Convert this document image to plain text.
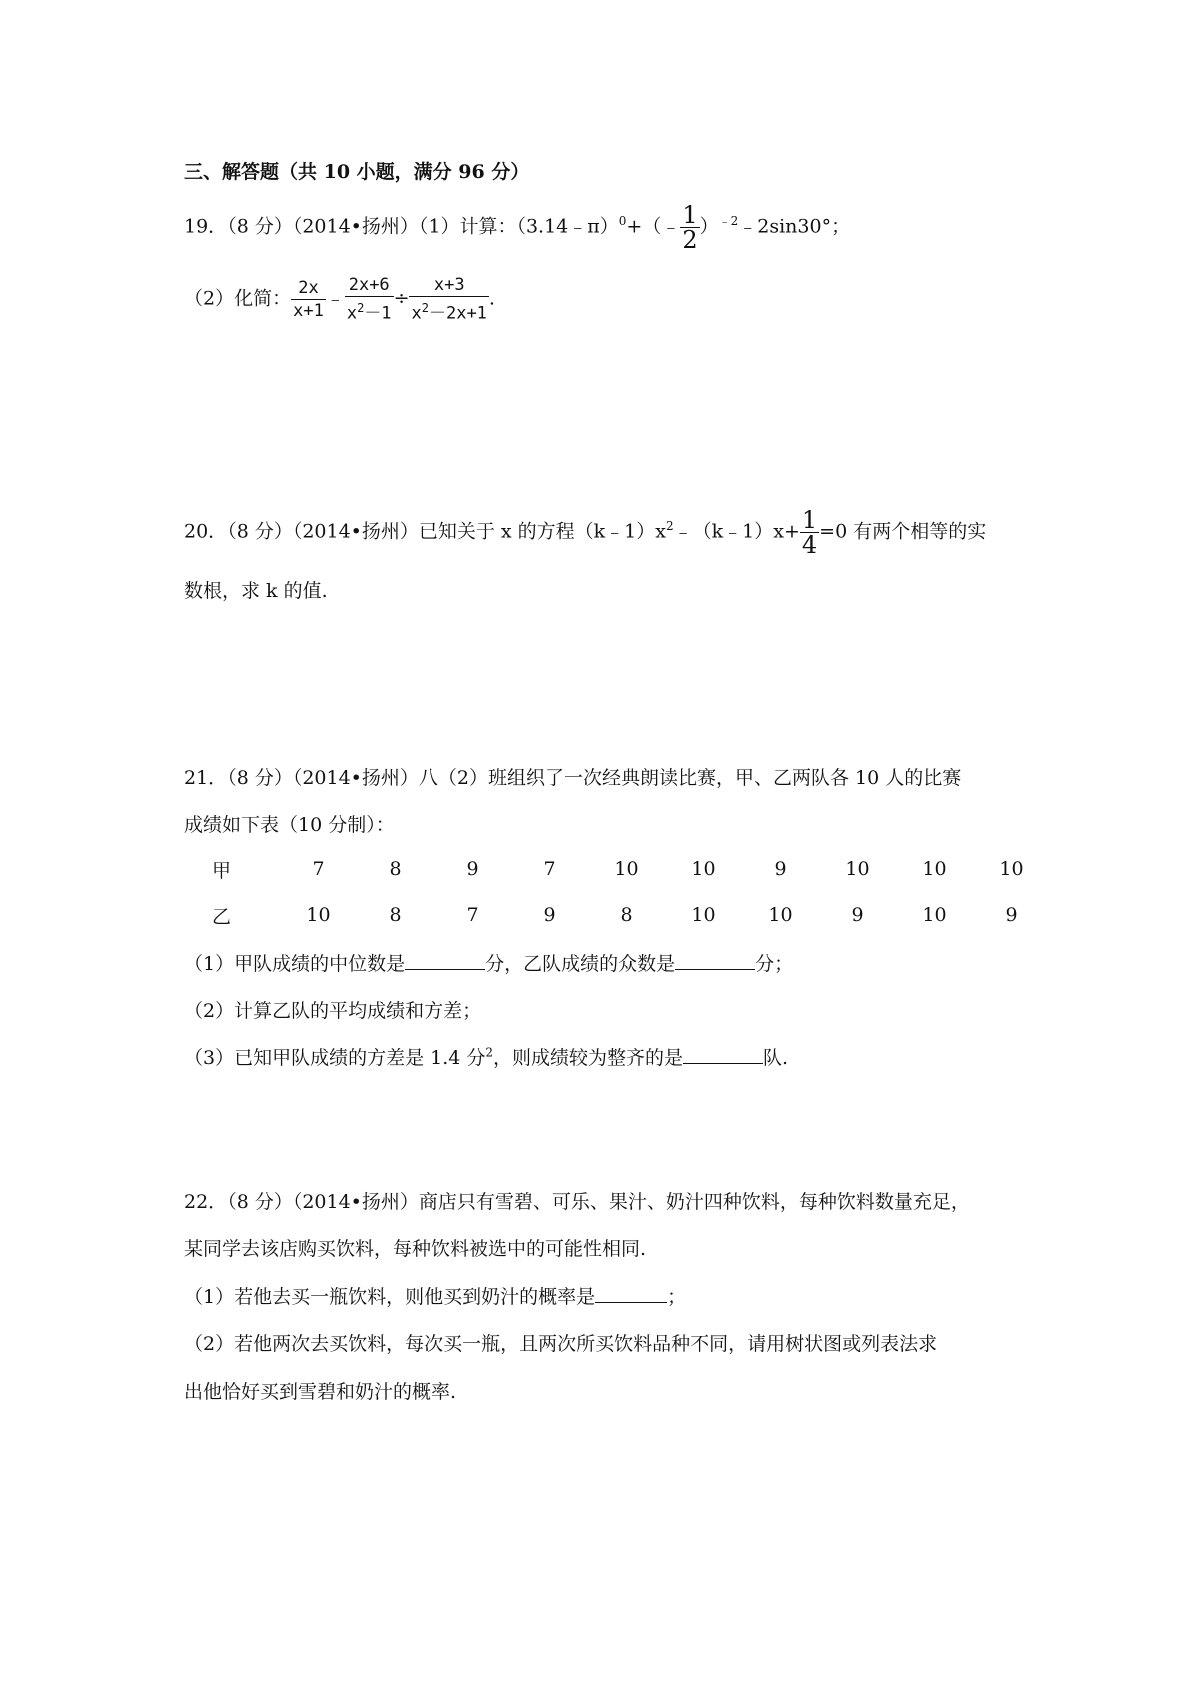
三、解答题（共 10 小题，满分 96 分）
19．（8 分）（2014•扬州）（1）计算：（3.14﹣π）$^0$+（﹣ $\frac{1}{2}$ ）$^{﹣2}$﹣2sin30°；
（2）化简： $\frac{2x}{x+1}$ ﹣ $\frac{2x+6}{x^2-1} \div \frac{x+3}{x^2-2x+1}$ .
20．（8 分）（2014•扬州）已知关于 x 的方程$(k﹣1)x^2﹣(k﹣1)x+ \frac{1}{4} =0$ 有两个相等的实
数根，求 k 的值.
21．（8 分）（2014•扬州）八（2）班组织了一次经典朗读比赛，甲、乙两队各 10 人的比赛
成绩如下表（10 分制）：
甲	7	8	9	7	10	10	9	10	10	10
乙	10	8	7	9	8	10	10	9	10	9
（1）甲队成绩的中位数是	分，乙队成绩的众数是	分；
（2）计算乙队的平均成绩和方差；
（3）已知甲队成绩的方差是 1.4 分$^2$，则成绩较为整齐的是	队.
22．（8 分）（2014•扬州）商店只有雪碧、可乐、果汁、奶汁四种饮料，每种饮料数量充足，
某同学去该店购买饮料，每种饮料被选中的可能性相同.
（1）若他去买一瓶饮料，则他买到奶汁的概率是	；
（2）若他两次去买饮料，每次买一瓶，且两次所买饮料品种不同，请用树状图或列表法求
出他恰好买到雪碧和奶汁的概率.
